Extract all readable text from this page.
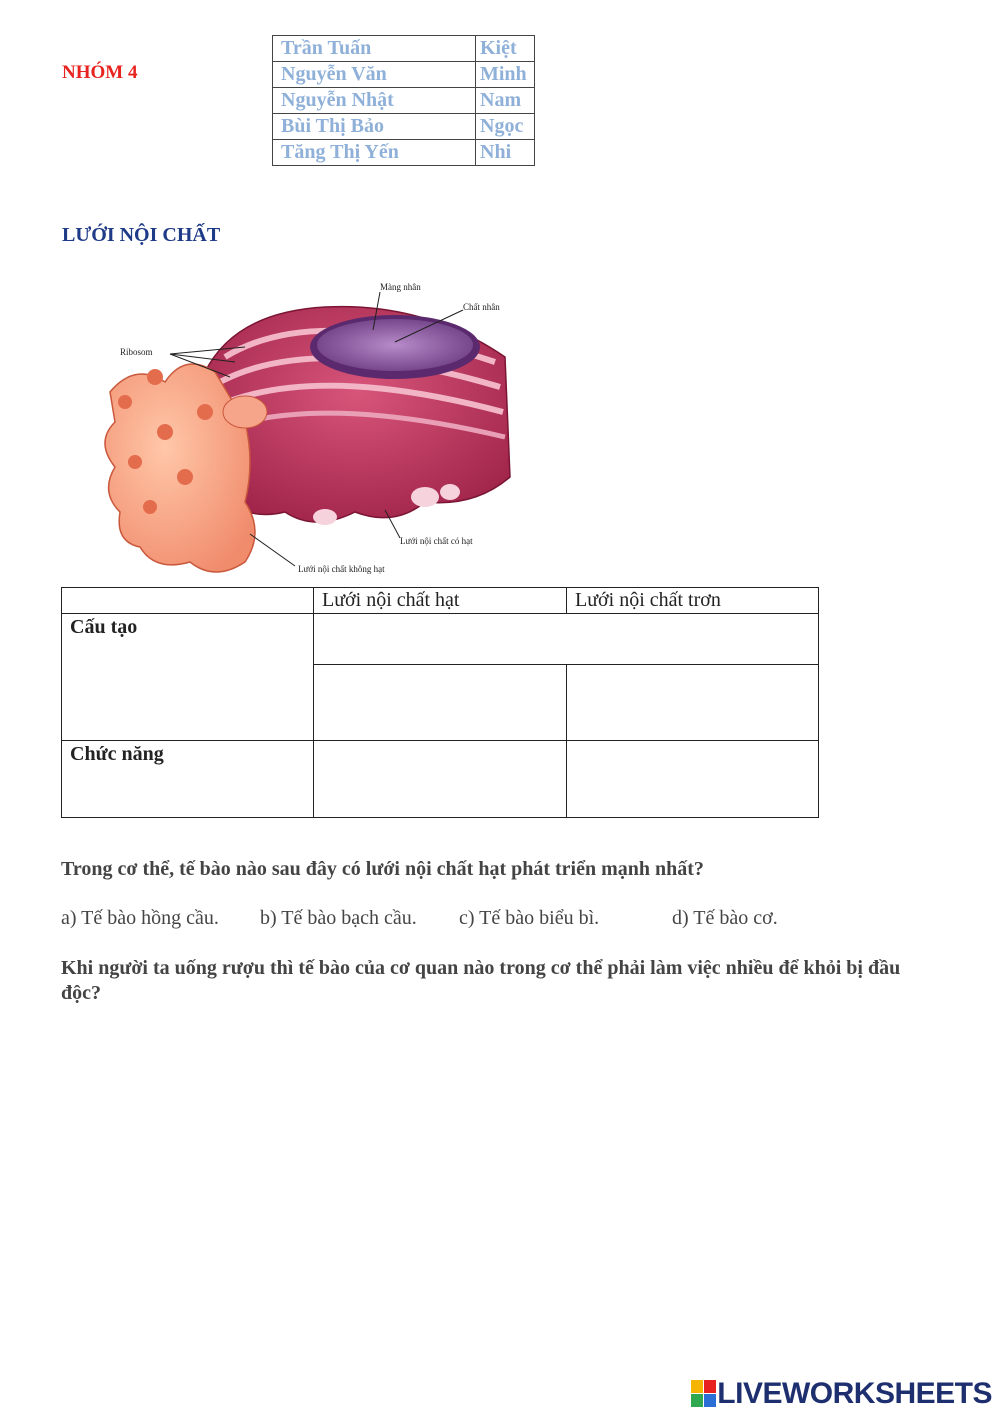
NHÓM 4
Trần Tuấn	Kiệt
Nguyễn Văn	Minh
Nguyễn Nhật	Nam
Bùi Thị Bảo	Ngọc
Tăng Thị Yến	Nhi
LƯỚI NỘI CHẤT
Màng nhân
Chất nhân
Ribosom
Lưới nội chất có hạt
Lưới nội chất không hạt
	Lưới nội chất hạt	Lưới nội chất trơn
Cấu tạo		

Chức năng		
Trong cơ thể, tế bào nào sau đây có lưới nội chất hạt phát triển mạnh nhất?
a) Tế bào hồng cầu. b) Tế bào bạch cầu. c) Tế bào biểu bì.	d) Tế bào cơ.
Khi người ta uống rượu thì tế bào của cơ quan nào trong cơ thể phải làm việc nhiều để khỏi bị đầu độc?
LIVEWORKSHEETS
